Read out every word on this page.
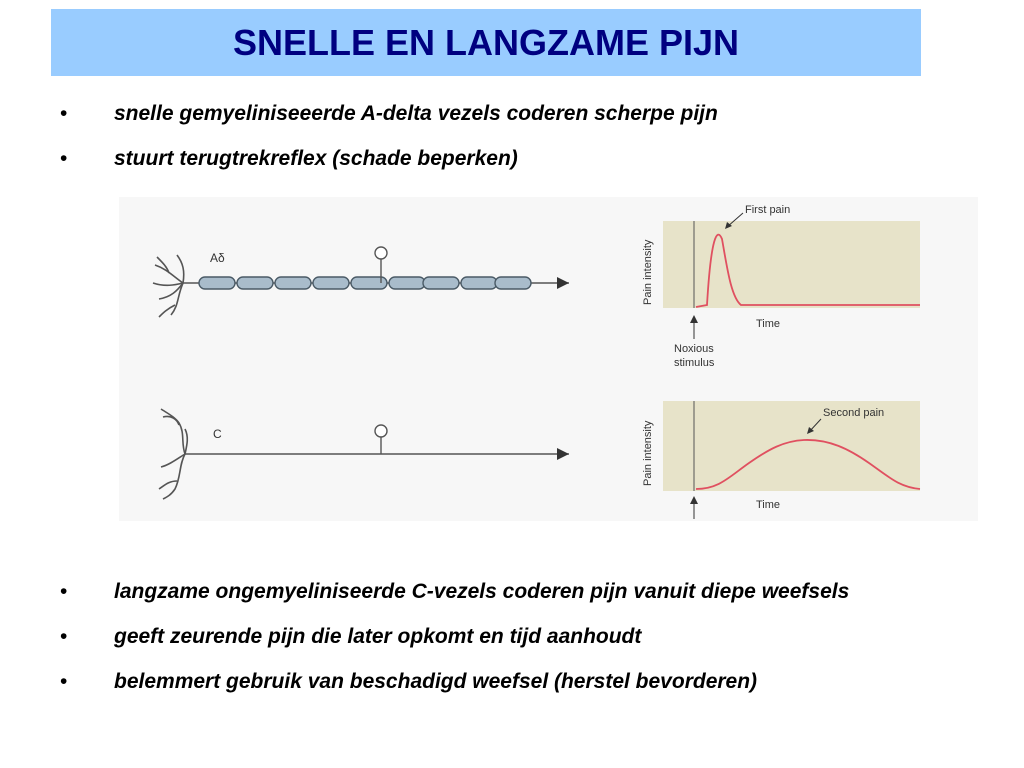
SNELLE EN LANGZAME PIJN
• snelle gemyeliniseeerde A-delta vezels coderen scherpe pijn
• stuurt terugtrekreflex (schade beperken)
Aδ
C
Pain intensity
Time
First pain
Noxious
stimulus
Pain intensity
Time
Second pain
• langzame ongemyeliniseerde C-vezels coderen pijn vanuit diepe weefsels
• geeft zeurende pijn die later opkomt en tijd aanhoudt
• belemmert gebruik van beschadigd weefsel (herstel bevorderen)
